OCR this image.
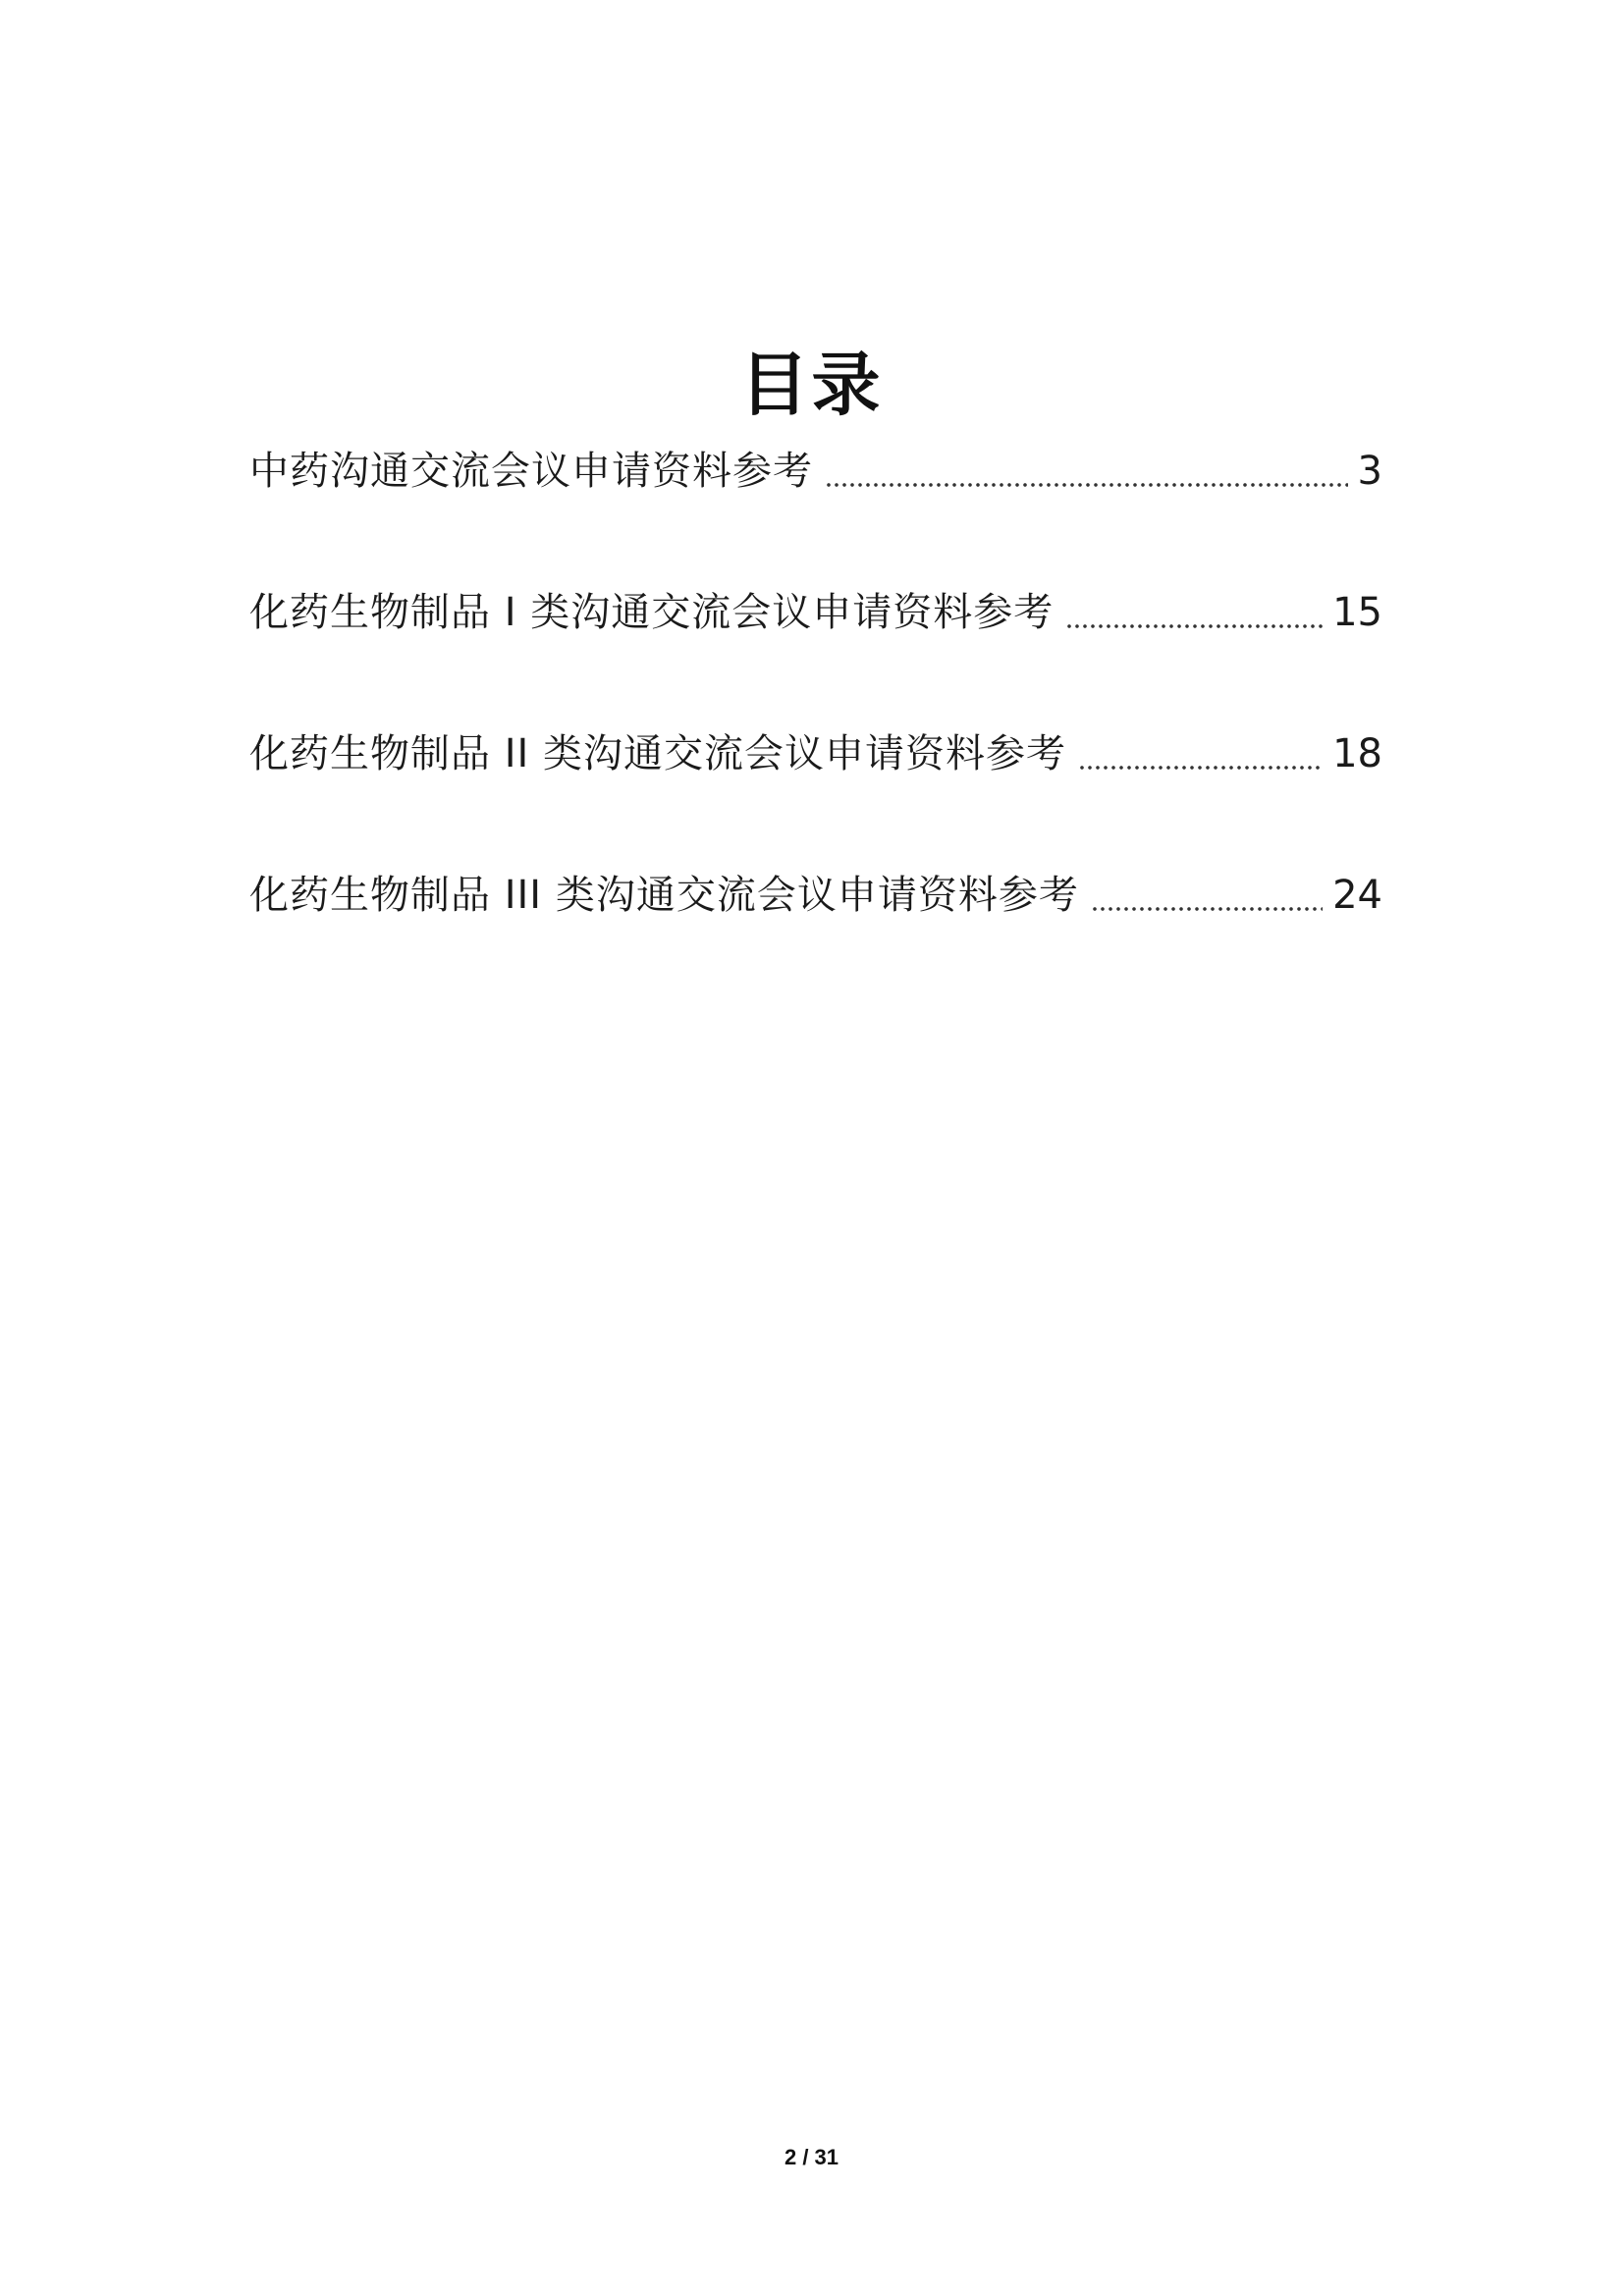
目录
中药沟通交流会议申请资料参考	3
化药生物制品 I 类沟通交流会议申请资料参考	15
化药生物制品 II 类沟通交流会议申请资料参考	18
化药生物制品 III 类沟通交流会议申请资料参考	24
2 / 31
